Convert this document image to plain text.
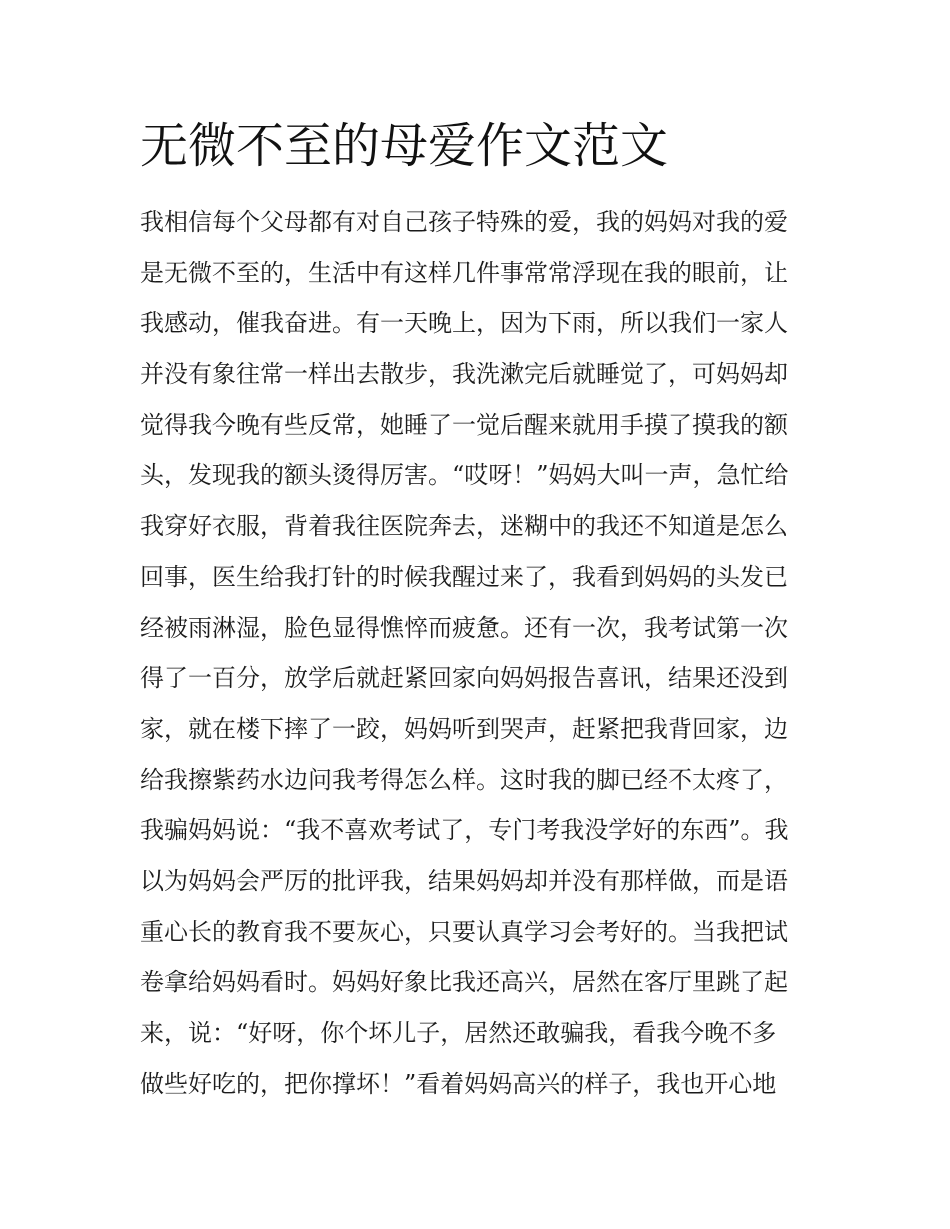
无微不至的母爱作文范文
我相信每个父母都有对自己孩子特殊的爱，我的妈妈对我的爱
是无微不至的，生活中有这样几件事常常浮现在我的眼前，让
我感动，催我奋进。有一天晚上，因为下雨，所以我们一家人
并没有象往常一样出去散步，我洗漱完后就睡觉了，可妈妈却
觉得我今晚有些反常，她睡了一觉后醒来就用手摸了摸我的额
头，发现我的额头烫得厉害。“哎呀！”妈妈大叫一声，急忙给
我穿好衣服，背着我往医院奔去，迷糊中的我还不知道是怎么
回事，医生给我打针的时候我醒过来了，我看到妈妈的头发已
经被雨淋湿，脸色显得憔悴而疲惫。还有一次，我考试第一次
得了一百分，放学后就赶紧回家向妈妈报告喜讯，结果还没到
家，就在楼下摔了一跤，妈妈听到哭声，赶紧把我背回家，边
给我擦紫药水边问我考得怎么样。这时我的脚已经不太疼了，
我骗妈妈说：“我不喜欢考试了，专门考我没学好的东西”。我
以为妈妈会严厉的批评我，结果妈妈却并没有那样做，而是语
重心长的教育我不要灰心，只要认真学习会考好的。当我把试
卷拿给妈妈看时。妈妈好象比我还高兴，居然在客厅里跳了起
来，说：“好呀，你个坏儿子，居然还敢骗我，看我今晚不多
做些好吃的，把你撑坏！”看着妈妈高兴的样子，我也开心地
